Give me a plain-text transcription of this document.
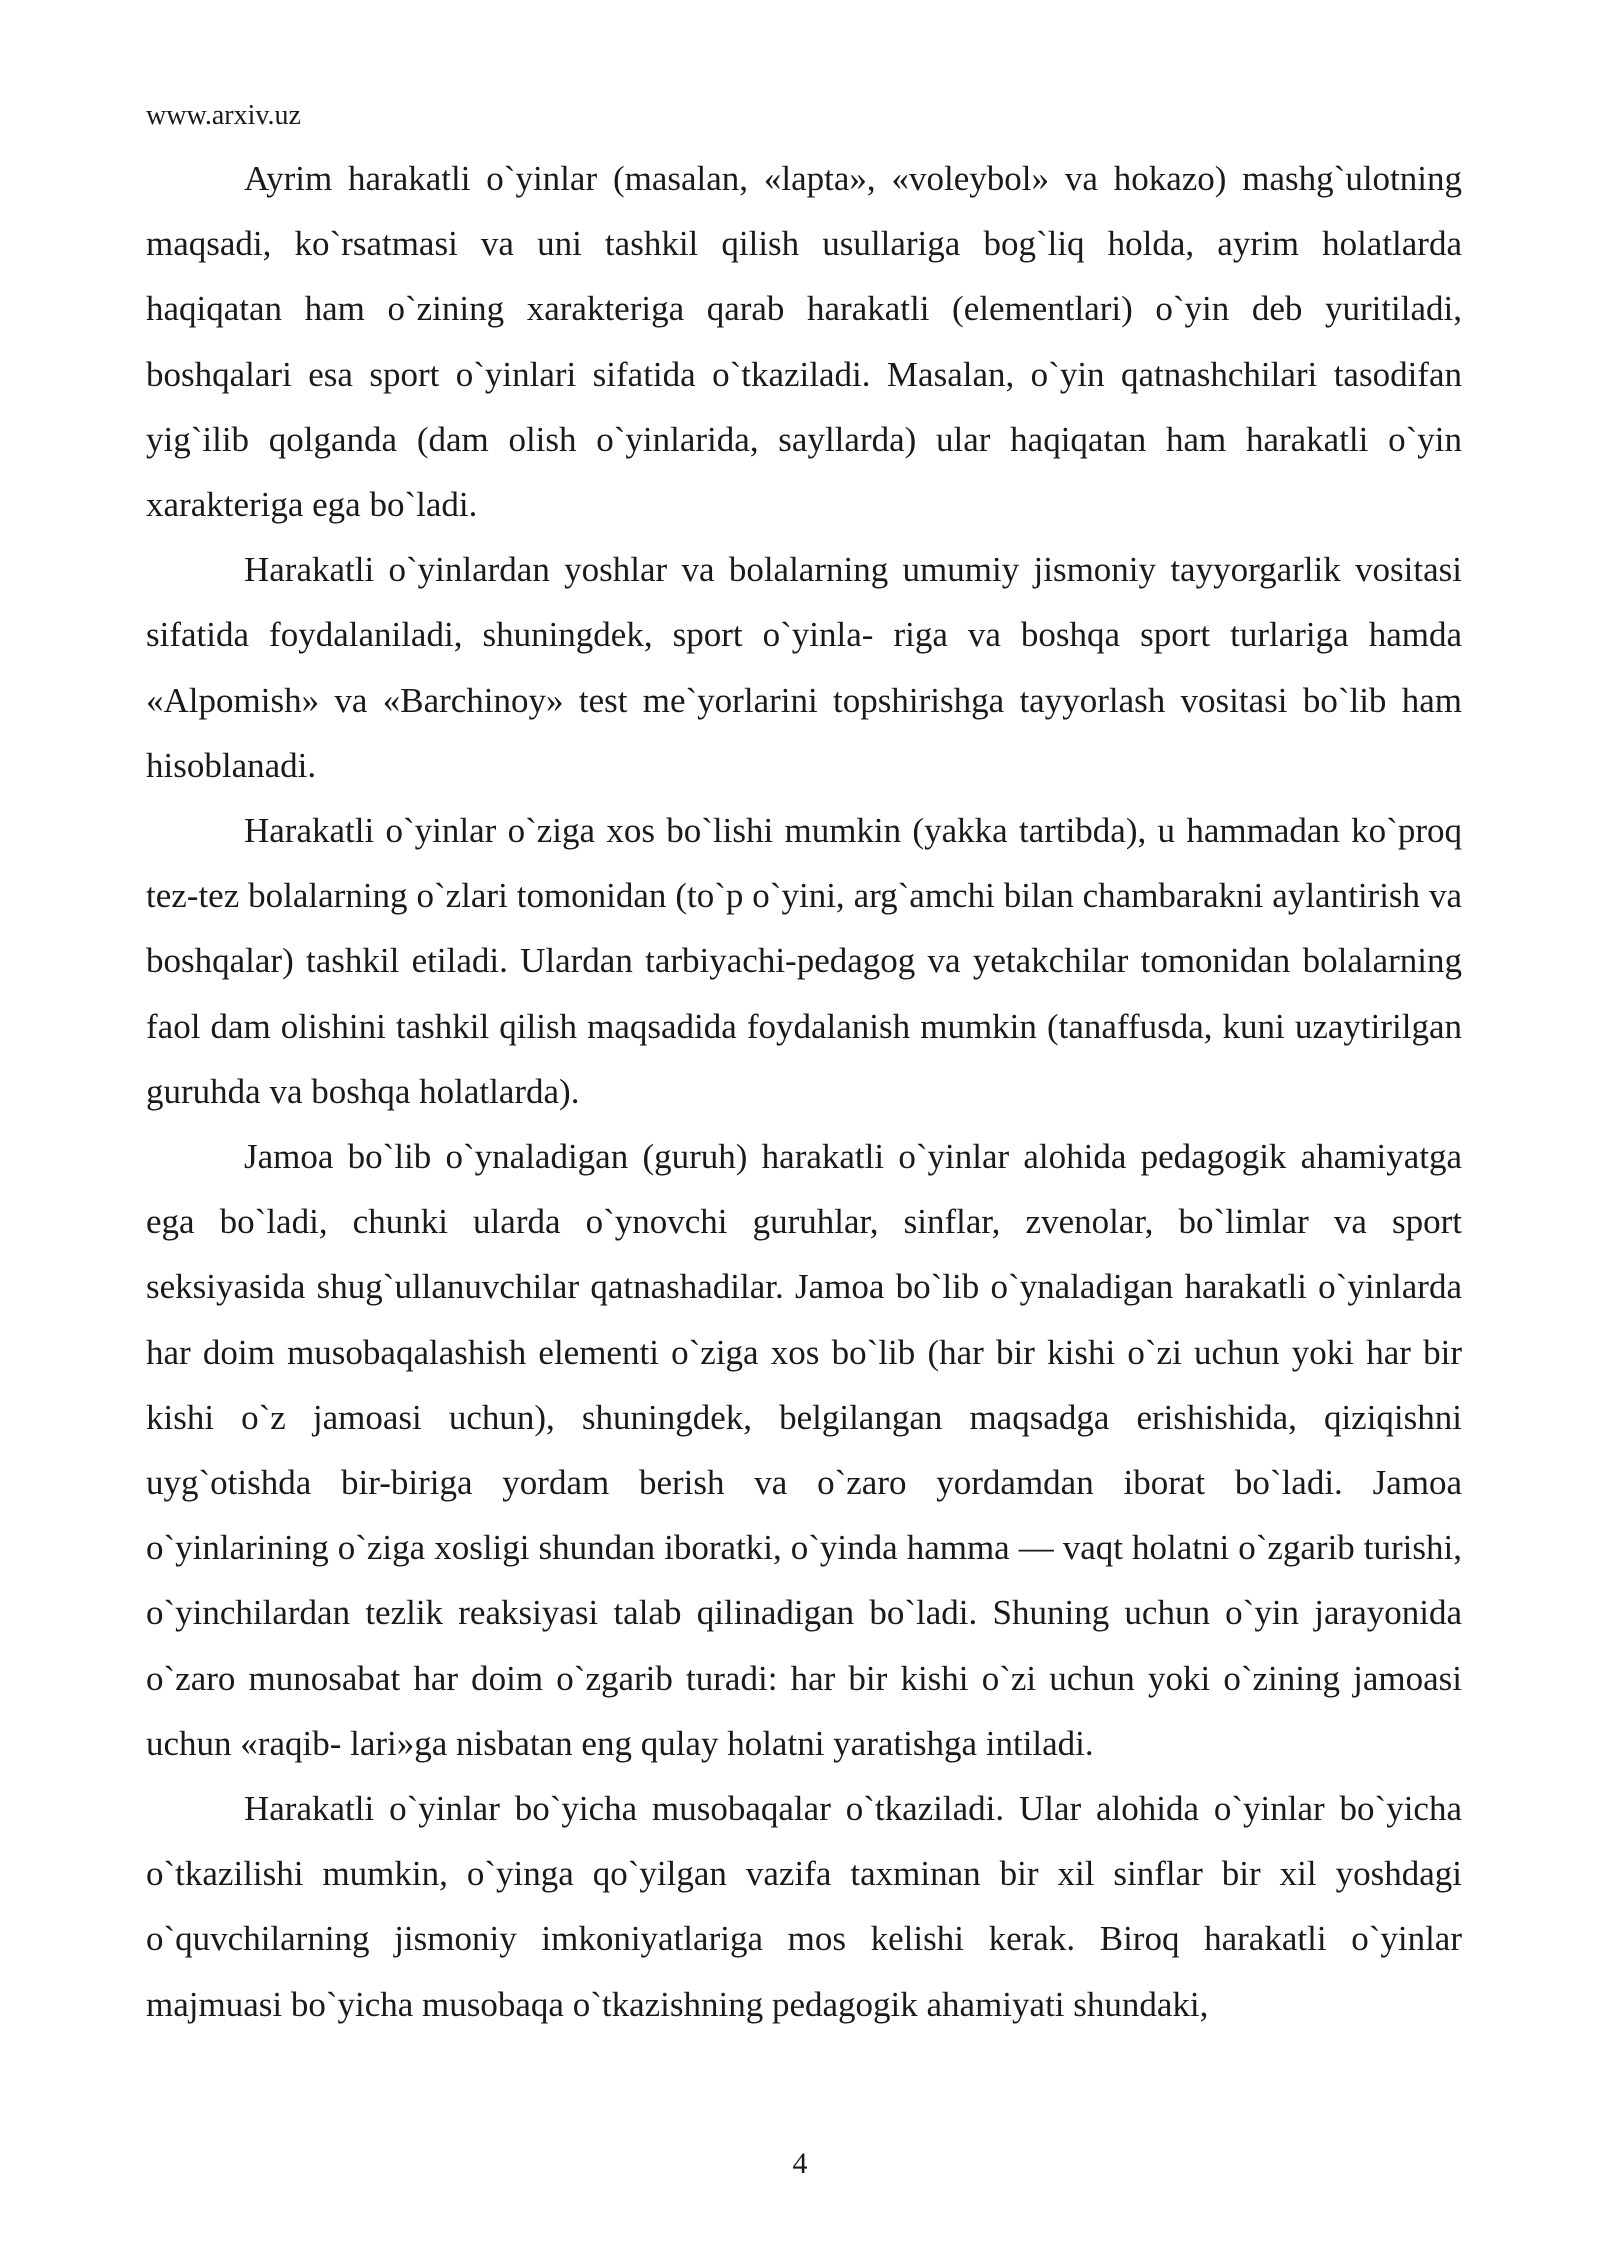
www.arxiv.uz

Ayrim harakatli o`yinlar (masalan, «lapta», «voleybol» va hokazo) mashg`ulotning maqsadi, ko`rsatmasi va uni tashkil qilish usullariga bog`liq holda, ayrim holatlarda haqiqatan ham o`zining xarakteriga qarab harakatli (elementlari) o`yin deb yuritiladi, boshqalari esa sport o`yinlari sifatida o`tkaziladi. Masalan, o`yin qatnashchilari tasodifan yig`ilib qolganda (dam olish o`yinlarida, sayllarda) ular haqiqatan ham harakatli o`yin xarakteriga ega bo`ladi.

Harakatli o`yinlardan yoshlar va bolalarning umumiy jismoniy tayyorgarlik vositasi sifatida foydalaniladi, shuningdek, sport o`yinla- riga va boshqa sport turlariga hamda «Alpomish» va «Barchinoy» test me`yorlarini topshirishga tayyorlash vositasi bo`lib ham hisoblanadi.

Harakatli o`yinlar o`ziga xos bo`lishi mumkin (yakka tartibda), u hammadan ko`proq tez-tez bolalarning o`zlari tomonidan (to`p o`yini, arg`amchi bilan chambarakni aylantirish va boshqalar) tashkil etiladi. Ulardan tarbiyachi-pedagog va yetakchilar tomonidan bolalarning faol dam olishini tashkil qilish maqsadida foydalanish mumkin (tanaffusda, kuni uzaytirilgan guruhda va boshqa holatlarda).

Jamoa bo`lib o`ynaladigan (guruh) harakatli o`yinlar alohida pedagogik ahamiyatga ega bo`ladi, chunki ularda o`ynovchi guruhlar, sinflar, zvenolar, bo`limlar va sport seksiyasida shug`ullanuvchilar qatnashadilar. Jamoa bo`lib o`ynaladigan harakatli o`yinlarda har doim musobaqalashish elementi o`ziga xos bo`lib (har bir kishi o`zi uchun yoki har bir kishi o`z jamoasi uchun), shuningdek, belgilangan maqsadga erishishida, qiziqishni uyg`otishda bir-biriga yordam berish va o`zaro yordamdan iborat bo`ladi. Jamoa o`yinlarining o`ziga xosligi shundan iboratki, o`yinda hamma — vaqt holatni o`zgarib turishi, o`yinchilardan tezlik reaksiyasi talab qilinadigan bo`ladi. Shuning uchun o`yin jarayonida o`zaro munosabat har doim o`zgarib turadi: har bir kishi o`zi uchun yoki o`zining jamoasi uchun «raqib- lari»ga nisbatan eng qulay holatni yaratishga intiladi.

Harakatli o`yinlar bo`yicha musobaqalar o`tkaziladi. Ular alohida o`yinlar bo`yicha o`tkazilishi mumkin, o`yinga qo`yilgan vazifa taxminan bir xil sinflar bir xil yoshdagi o`quvchilarning jismoniy imkoniyatlariga mos kelishi kerak. Biroq harakatli o`yinlar majmuasi bo`yicha musobaqa o`tkazishning pedagogik ahamiyati shundaki,

4
